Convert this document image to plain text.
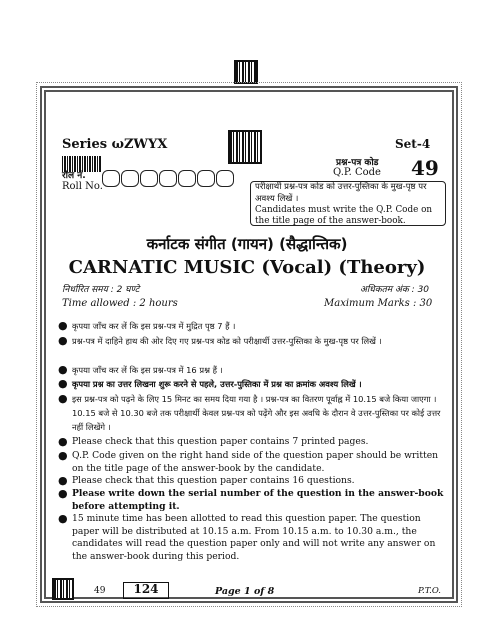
Series ωZWYX	Set-4
प्रश्न-पत्र कोड
Q.P. Code 49
रोल नं.
Roll No.	परीक्षार्थी प्रश्न-पत्र कोड को उत्तर-पुस्तिका के मुख-पृष्ठ पर अवश्य लिखें ।
Candidates must write the Q.P. Code on the title page of the answer-book.
कर्नाटक संगीत (गायन) (सैद्धान्तिक)
CARNATIC MUSIC (Vocal) (Theory)
निर्धारित समय : 2 घण्टे	अधिकतम अंक : 30
Time allowed : 2 hours	Maximum Marks : 30
● कृपया जाँच कर लें कि इस प्रश्न-पत्र में मुद्रित पृष्ठ 7 हैं ।
● प्रश्न-पत्र में दाहिने हाथ की ओर दिए गए प्रश्न-पत्र कोड को परीक्षार्थी उत्तर-पुस्तिका के मुख-पृष्ठ पर लिखें ।
● कृपया जाँच कर लें कि इस प्रश्न-पत्र में 16 प्रश्न हैं ।
● कृपया प्रश्न का उत्तर लिखना शुरू करने से पहले, उत्तर-पुस्तिका में प्रश्न का क्रमांक अवश्य लिखें ।
● इस प्रश्न-पत्र को पढ़ने के लिए 15 मिनट का समय दिया गया है । प्रश्न-पत्र का वितरण पूर्वाह्न में 10.15 बजे किया जाएगा । 10.15 बजे से 10.30 बजे तक परीक्षार्थी केवल प्रश्न-पत्र को पढ़ेंगे और इस अवधि के दौरान वे उत्तर-पुस्तिका पर कोई उत्तर नहीं लिखेंगे ।
● Please check that this question paper contains 7 printed pages.
● Q.P. Code given on the right hand side of the question paper should be written on the title page of the answer-book by the candidate.
● Please check that this question paper contains 16 questions.
● Please write down the serial number of the question in the answer-book before attempting it.
● 15 minute time has been allotted to read this question paper. The question paper will be distributed at 10.15 a.m. From 10.15 a.m. to 10.30 a.m., the candidates will read the question paper only and will not write any answer on the answer-book during this period.
49	124	Page 1 of 8	P.T.O.
